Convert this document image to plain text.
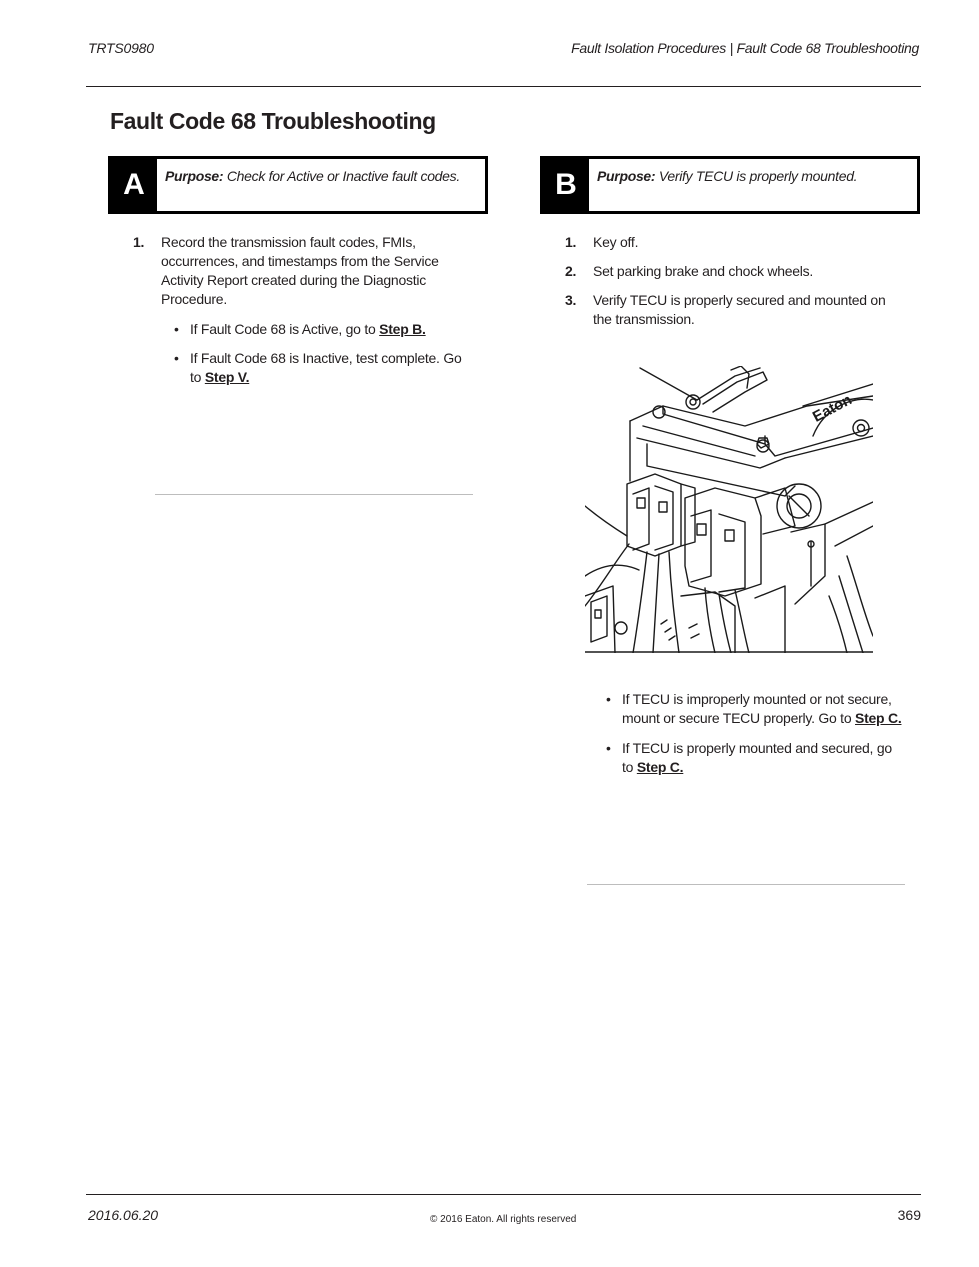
TRTS0980	Fault Isolation Procedures | Fault Code 68 Troubleshooting
Fault Code 68 Troubleshooting
A	Purpose: Check for Active or Inactive fault codes.	B	Purpose: Verify TECU is properly mounted.
1. Record the transmission fault codes, FMIs,
occurrences, and timestamps from the Service
Activity Report created during the Diagnostic
Procedure.
• If Fault Code 68 is Active, go to Step B.
• If Fault Code 68 is Inactive, test complete. Go
to Step V.
1. Key off.
2. Set parking brake and chock wheels.
3. Verify TECU is properly secured and mounted on
the transmission.
Eaton
• If TECU is improperly mounted or not secure,
mount or secure TECU properly. Go to Step C.
• If TECU is properly mounted and secured, go
to Step C.
2016.06.20	© 2016 Eaton. All rights reserved	369
